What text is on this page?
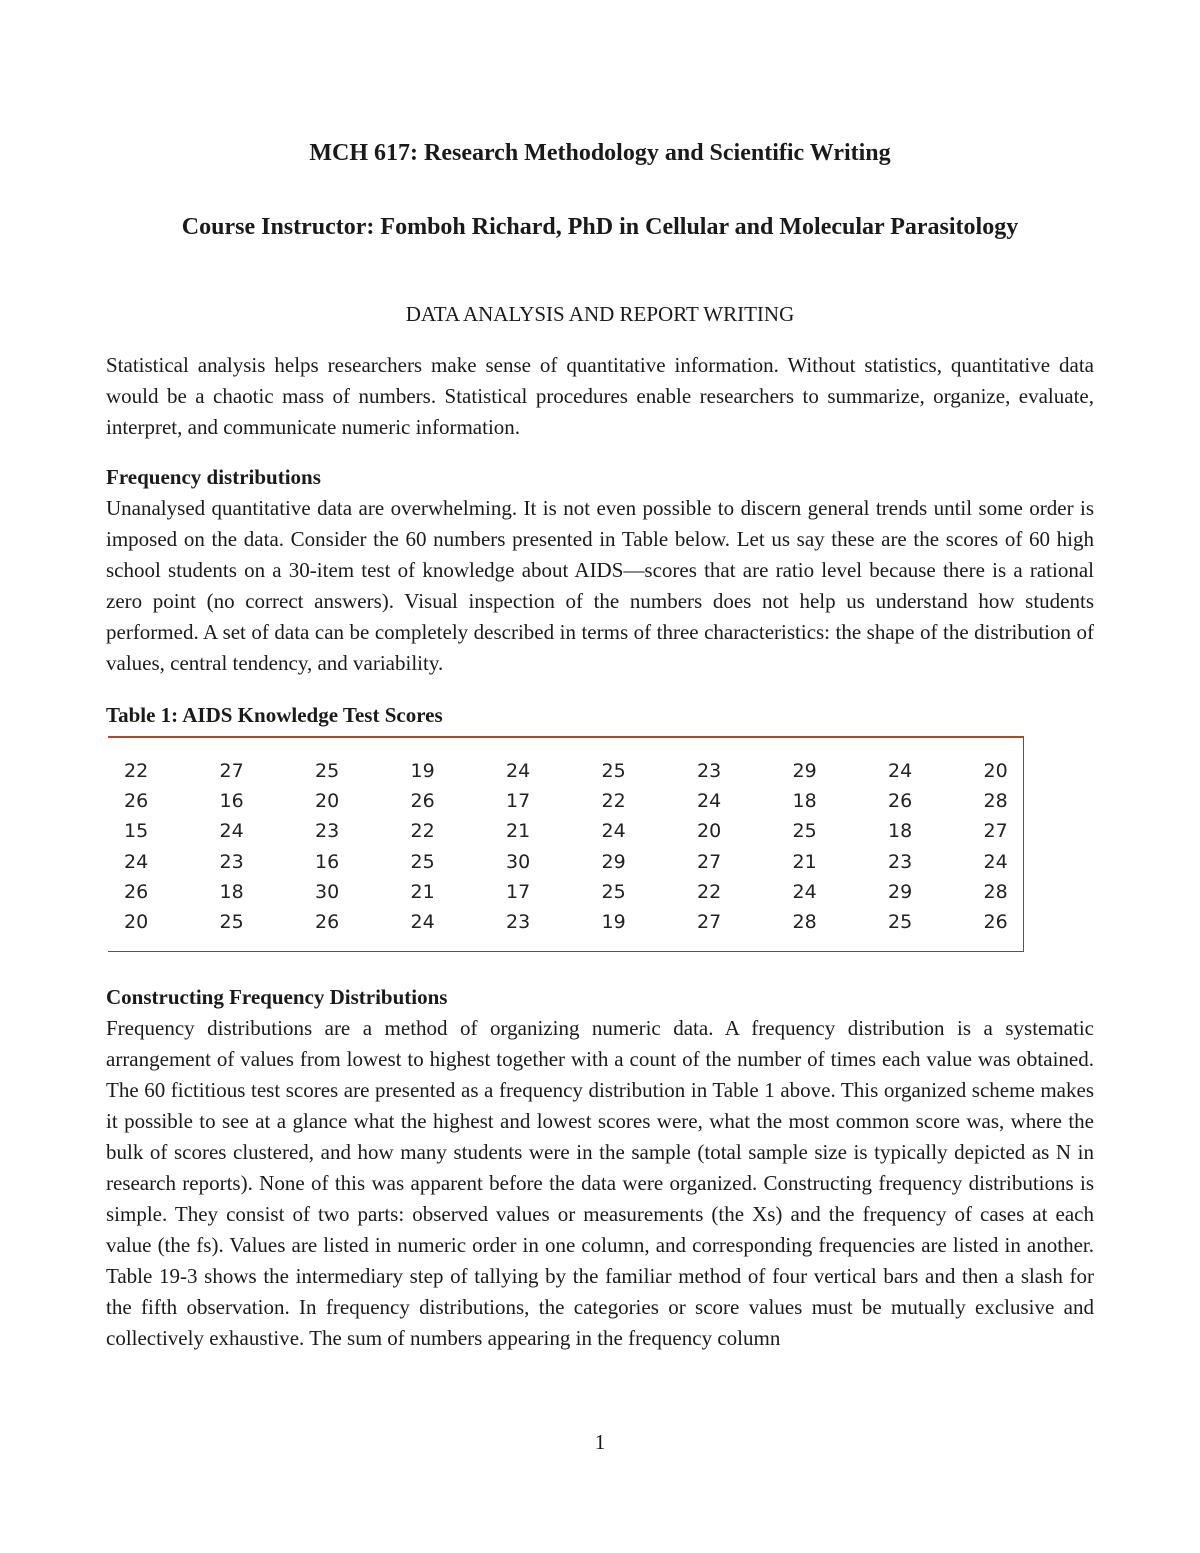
MCH 617: Research Methodology and Scientific Writing
Course Instructor: Fomboh Richard, PhD in Cellular and Molecular Parasitology
DATA ANALYSIS AND REPORT WRITING

Statistical analysis helps researchers make sense of quantitative information. Without statistics, quantitative data would be a chaotic mass of numbers. Statistical procedures enable researchers to summarize, organize, evaluate, interpret, and communicate numeric information.

Frequency distributions

Unanalysed quantitative data are overwhelming. It is not even possible to discern general trends until some order is imposed on the data. Consider the 60 numbers presented in Table below. Let us say these are the scores of 60 high school students on a 30-item test of knowledge about AIDS—scores that are ratio level because there is a rational zero point (no correct answers). Visual inspection of the numbers does not help us understand how students performed. A set of data can be completely described in terms of three characteristics: the shape of the distribution of values, central tendency, and variability.

Table 1: AIDS Knowledge Test Scores
22	27	25	19	24	25	23	29	24	20
26	16	20	26	17	22	24	18	26	28
15	24	23	22	21	24	20	25	18	27
24	23	16	25	30	29	27	21	23	24
26	18	30	21	17	25	22	24	29	28
20	25	26	24	23	19	27	28	25	26
Constructing Frequency Distributions

Frequency distributions are a method of organizing numeric data. A frequency distribution is a systematic arrangement of values from lowest to highest together with a count of the number of times each value was obtained. The 60 fictitious test scores are presented as a frequency distribution in Table 1 above. This organized scheme makes it possible to see at a glance what the highest and lowest scores were, what the most common score was, where the bulk of scores clustered, and how many students were in the sample (total sample size is typically depicted as N in research reports). None of this was apparent before the data were organized. Constructing frequency distributions is simple. They consist of two parts: observed values or measurements (the Xs) and the frequency of cases at each value (the fs). Values are listed in numeric order in one column, and corresponding frequencies are listed in another. Table 19-3 shows the intermediary step of tallying by the familiar method of four vertical bars and then a slash for the fifth observation. In frequency distributions, the categories or score values must be mutually exclusive and collectively exhaustive. The sum of numbers appearing in the frequency column

1
